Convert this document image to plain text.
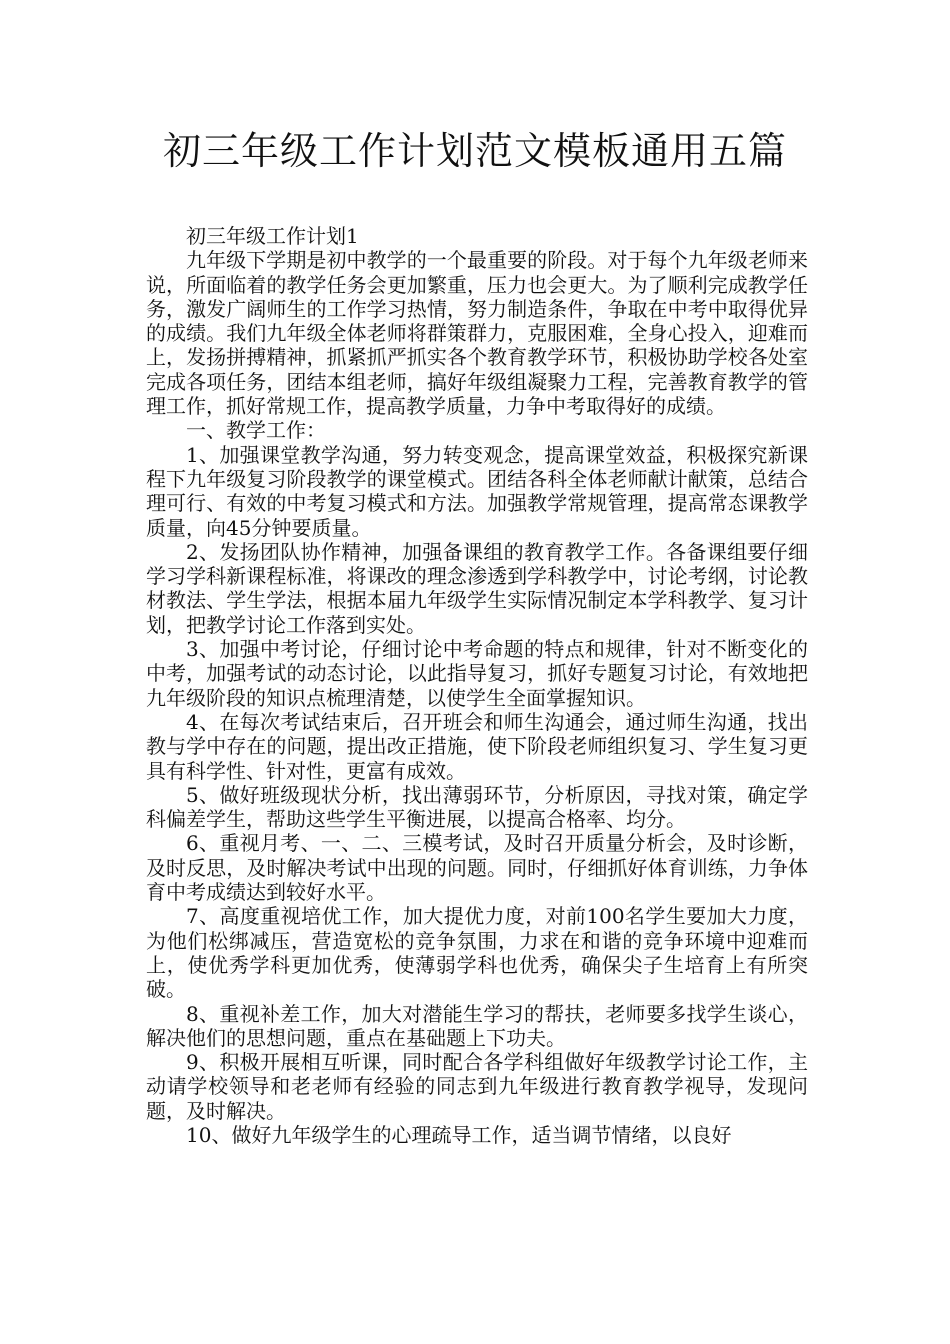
初三年级工作计划范文模板通用五篇

初三年级工作计划1

九年级下学期是初中教学的一个最重要的阶段。对于每个九年级老师来说，所面临着的教学任务会更加繁重，压力也会更大。为了顺利完成教学任务，激发广阔师生的工作学习热情，努力制造条件，争取在中考中取得优异的成绩。我们九年级全体老师将群策群力，克服困难，全身心投入，迎难而上，发扬拼搏精神，抓紧抓严抓实各个教育教学环节，积极协助学校各处室完成各项任务，团结本组老师，搞好年级组凝聚力工程，完善教育教学的管理工作，抓好常规工作，提高教学质量，力争中考取得好的成绩。

一、教学工作：

1、加强课堂教学沟通，努力转变观念，提高课堂效益，积极探究新课程下九年级复习阶段教学的课堂模式。团结各科全体老师献计献策，总结合理可行、有效的中考复习模式和方法。加强教学常规管理，提高常态课教学质量，向45分钟要质量。

2、发扬团队协作精神，加强备课组的教育教学工作。各备课组要仔细学习学科新课程标准，将课改的理念渗透到学科教学中，讨论考纲，讨论教材教法、学生学法，根据本届九年级学生实际情况制定本学科教学、复习计划，把教学讨论工作落到实处。

3、加强中考讨论，仔细讨论中考命题的特点和规律，针对不断变化的中考，加强考试的动态讨论，以此指导复习，抓好专题复习讨论，有效地把九年级阶段的知识点梳理清楚，以使学生全面掌握知识。

4、在每次考试结束后，召开班会和师生沟通会，通过师生沟通，找出教与学中存在的问题，提出改正措施，使下阶段老师组织复习、学生复习更具有科学性、针对性，更富有成效。

5、做好班级现状分析，找出薄弱环节，分析原因，寻找对策，确定学科偏差学生，帮助这些学生平衡进展，以提高合格率、均分。

6、重视月考、一、二、三模考试，及时召开质量分析会，及时诊断，及时反思，及时解决考试中出现的问题。同时，仔细抓好体育训练，力争体育中考成绩达到较好水平。

7、高度重视培优工作，加大提优力度，对前100名学生要加大力度，为他们松绑减压，营造宽松的竞争氛围，力求在和谐的竞争环境中迎难而上，使优秀学科更加优秀，使薄弱学科也优秀，确保尖子生培育上有所突破。

8、重视补差工作，加大对潜能生学习的帮扶，老师要多找学生谈心，解决他们的思想问题，重点在基础题上下功夫。

9、积极开展相互听课，同时配合各学科组做好年级教学讨论工作，主动请学校领导和老老师有经验的同志到九年级进行教育教学视导，发现问题，及时解决。

10、做好九年级学生的心理疏导工作，适当调节情绪，以良好
